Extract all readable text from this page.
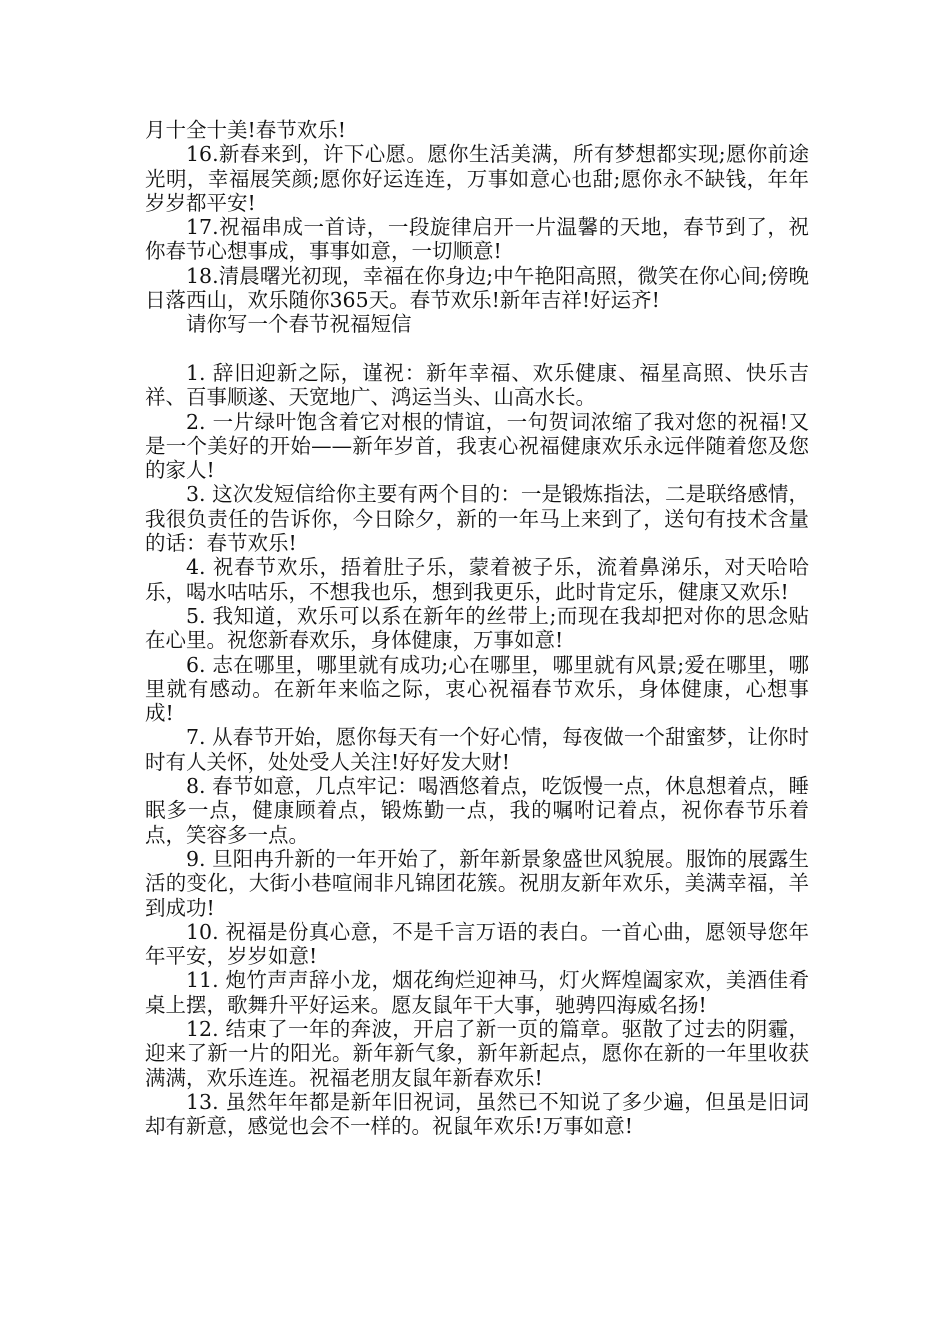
月十全十美!春节欢乐!

16.新春来到，许下心愿。愿你生活美满，所有梦想都实现;愿你前途光明，幸福展笑颜;愿你好运连连，万事如意心也甜;愿你永不缺钱，年年岁岁都平安!

17.祝福串成一首诗，一段旋律启开一片温馨的天地，春节到了，祝你春节心想事成，事事如意，一切顺意!

18.清晨曙光初现，幸福在你身边;中午艳阳高照，微笑在你心间;傍晚日落西山，欢乐随你365天。春节欢乐!新年吉祥!好运齐!

请你写一个春节祝福短信

1. 辞旧迎新之际，谨祝：新年幸福、欢乐健康、福星高照、快乐吉祥、百事顺遂、天宽地广、鸿运当头、山高水长。

2. 一片绿叶饱含着它对根的情谊，一句贺词浓缩了我对您的祝福!又是一个美好的开始——新年岁首，我衷心祝福健康欢乐永远伴随着您及您的家人!

3. 这次发短信给你主要有两个目的：一是锻炼指法，二是联络感情，我很负责任的告诉你，今日除夕，新的一年马上来到了，送句有技术含量的话：春节欢乐!

4. 祝春节欢乐，捂着肚子乐，蒙着被子乐，流着鼻涕乐，对天哈哈乐，喝水咕咕乐，不想我也乐，想到我更乐，此时肯定乐，健康又欢乐!

5. 我知道，欢乐可以系在新年的丝带上;而现在我却把对你的思念贴在心里。祝您新春欢乐，身体健康，万事如意!

6. 志在哪里，哪里就有成功;心在哪里，哪里就有风景;爱在哪里，哪里就有感动。在新年来临之际，衷心祝福春节欢乐，身体健康，心想事成!

7. 从春节开始，愿你每天有一个好心情，每夜做一个甜蜜梦，让你时时有人关怀，处处受人关注!好好发大财!

8. 春节如意，几点牢记：喝酒悠着点，吃饭慢一点，休息想着点，睡眠多一点，健康顾着点，锻炼勤一点，我的嘱咐记着点，祝你春节乐着点，笑容多一点。

9. 旦阳冉升新的一年开始了，新年新景象盛世风貌展。服饰的展露生活的变化，大街小巷喧闹非凡锦团花簇。祝朋友新年欢乐，美满幸福，羊到成功!

10. 祝福是份真心意，不是千言万语的表白。一首心曲，愿领导您年年平安，岁岁如意!

11. 炮竹声声辞小龙，烟花绚烂迎神马，灯火辉煌阖家欢，美酒佳肴桌上摆，歌舞升平好运来。愿友鼠年干大事，驰骋四海威名扬!

12. 结束了一年的奔波，开启了新一页的篇章。驱散了过去的阴霾，迎来了新一片的阳光。新年新气象，新年新起点，愿你在新的一年里收获满满，欢乐连连。祝福老朋友鼠年新春欢乐!

13. 虽然年年都是新年旧祝词，虽然已不知说了多少遍，但虽是旧词却有新意，感觉也会不一样的。祝鼠年欢乐!万事如意!
